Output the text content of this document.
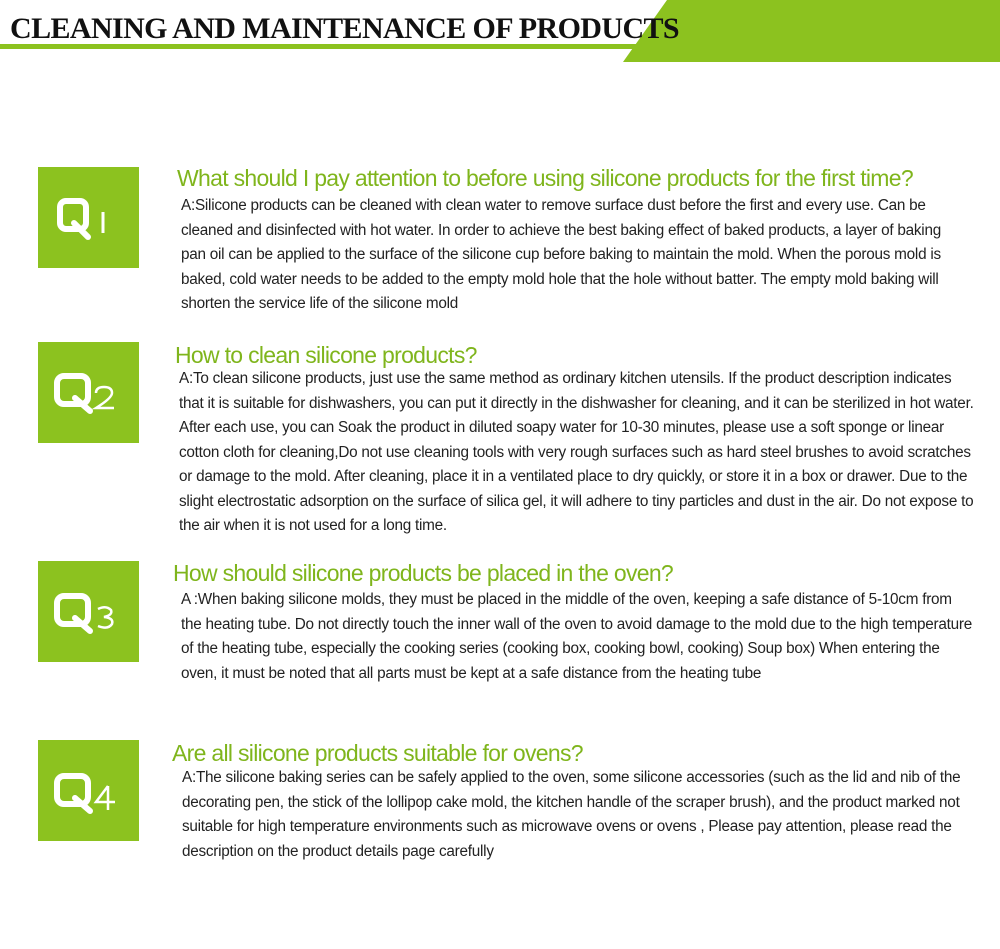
CLEANING AND MAINTENANCE OF PRODUCTS
What should I pay attention to before using silicone products for the first time?
A:Silicone products can be cleaned with clean water to remove surface dust before the first and every use. Can be cleaned and disinfected with hot water. In order to achieve the best baking effect of baked products, a layer of baking pan oil can be applied to the surface of the silicone cup before baking to maintain the mold. When the porous mold is baked, cold water needs to be added to the empty mold hole that the hole without batter. The empty mold baking will shorten the service life of the silicone mold
How to clean silicone products?
A:To clean silicone products, just use the same method as ordinary kitchen utensils. If the product description indicates that it is suitable for dishwashers, you can put it directly in the dishwasher for cleaning, and it can be sterilized in hot water. After each use, you can Soak the product in diluted soapy water for 10-30 minutes, please use a soft sponge or linear cotton cloth for cleaning,Do not use cleaning tools with very rough surfaces such as hard steel brushes to avoid scratches or damage to the mold. After cleaning, place it in a ventilated place to dry quickly, or store it in a box or drawer. Due to the slight electrostatic adsorption on the surface of silica gel, it will adhere to tiny particles and dust in the air. Do not expose to the air when it is not used for a long time.
How should silicone products be placed in the oven?
A :When baking silicone molds, they must be placed in the middle of the oven, keeping a safe distance of 5-10cm from the heating tube. Do not directly touch the inner wall of the oven to avoid damage to the mold due to the high temperature of the heating tube, especially the cooking series (cooking box, cooking bowl, cooking) Soup box) When entering the oven, it must be noted that all parts must be kept at a safe distance from the heating tube
Are all silicone products suitable for ovens?
A:The silicone baking series can be safely applied to the oven, some silicone accessories (such as the lid and nib of the decorating pen, the stick of the lollipop cake mold, the kitchen handle of the scraper brush), and the product marked not suitable for high temperature environments such as microwave ovens or ovens , Please pay attention, please read the description on the product details page carefully
